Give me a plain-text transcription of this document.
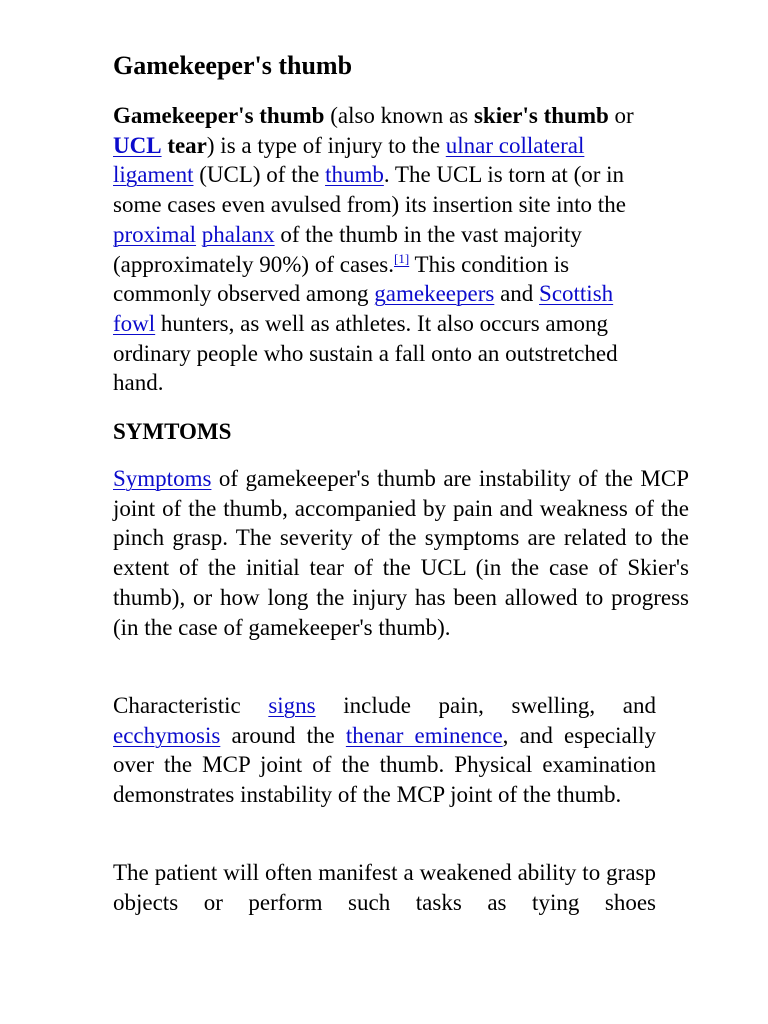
Gamekeeper's thumb

Gamekeeper's thumb (also known as skier's thumb or UCL tear) is a type of injury to the ulnar collateral ligament (UCL) of the thumb. The UCL is torn at (or in some cases even avulsed from) its insertion site into the proximal phalanx of the thumb in the vast majority (approximately 90%) of cases.[1] This condition is commonly observed among gamekeepers and Scottish fowl hunters, as well as athletes. It also occurs among ordinary people who sustain a fall onto an outstretched hand.

SYMTOMS

Symptoms of gamekeeper's thumb are instability of the MCP joint of the thumb, accompanied by pain and weakness of the pinch grasp. The severity of the symptoms are related to the extent of the initial tear of the UCL (in the case of Skier's thumb), or how long the injury has been allowed to progress (in the case of gamekeeper's thumb).

Characteristic signs include pain, swelling, and ecchymosis around the thenar eminence, and especially over the MCP joint of the thumb. Physical examination demonstrates instability of the MCP joint of the thumb.

The patient will often manifest a weakened ability to grasp objects or perform such tasks as tying shoes
